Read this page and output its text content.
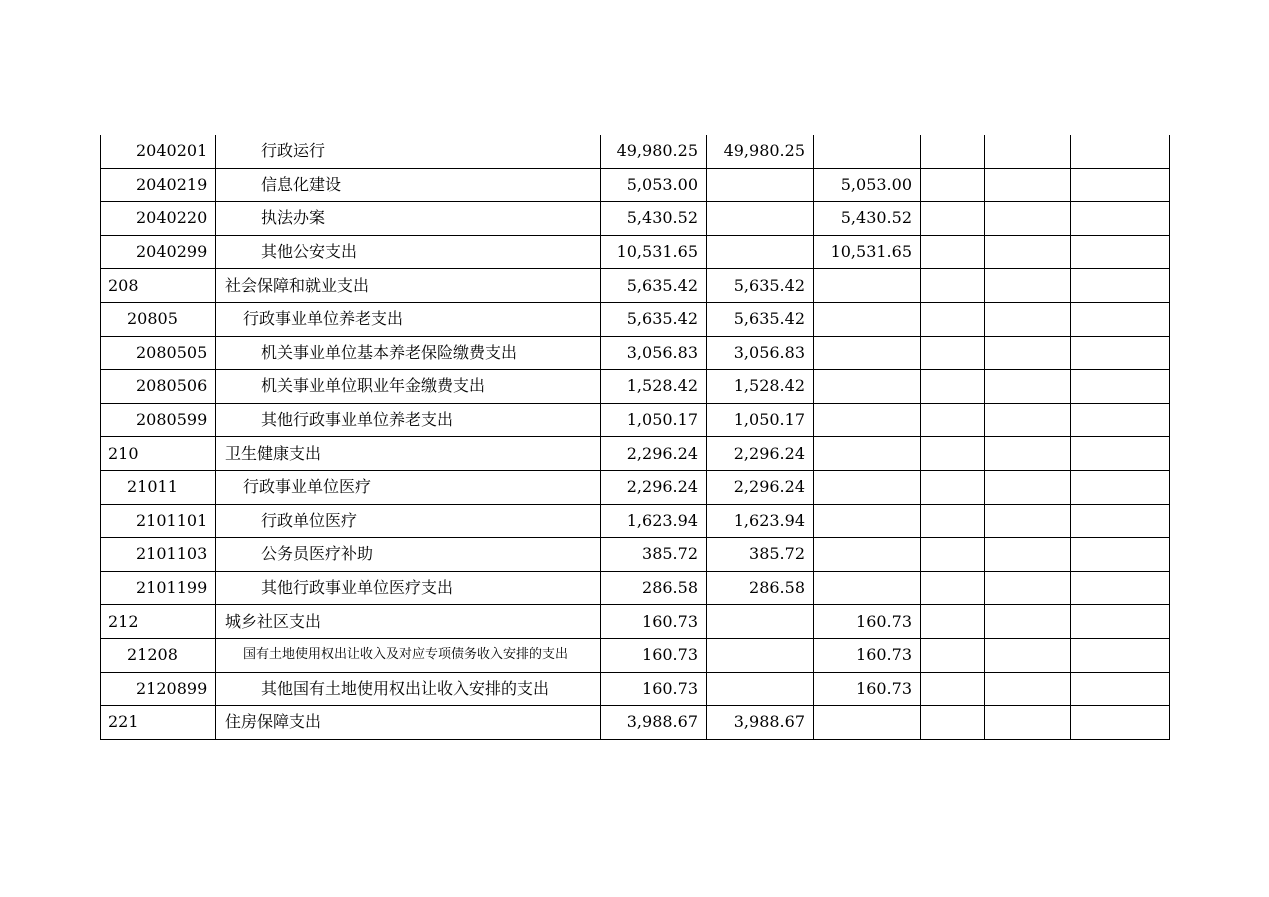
2040201	行政运行	49,980.25	49,980.25				
2040219	信息化建设	5,053.00		5,053.00			
2040220	执法办案	5,430.52		5,430.52			
2040299	其他公安支出	10,531.65		10,531.65			
208	社会保障和就业支出	5,635.42	5,635.42				
20805	行政事业单位养老支出	5,635.42	5,635.42				
2080505	机关事业单位基本养老保险缴费支出	3,056.83	3,056.83				
2080506	机关事业单位职业年金缴费支出	1,528.42	1,528.42				
2080599	其他行政事业单位养老支出	1,050.17	1,050.17				
210	卫生健康支出	2,296.24	2,296.24				
21011	行政事业单位医疗	2,296.24	2,296.24				
2101101	行政单位医疗	1,623.94	1,623.94				
2101103	公务员医疗补助	385.72	385.72				
2101199	其他行政事业单位医疗支出	286.58	286.58				
212	城乡社区支出	160.73		160.73			
21208	国有土地使用权出让收入及对应专项债务收入安排的支出	160.73		160.73			
2120899	其他国有土地使用权出让收入安排的支出	160.73		160.73			
221	住房保障支出	3,988.67	3,988.67				
